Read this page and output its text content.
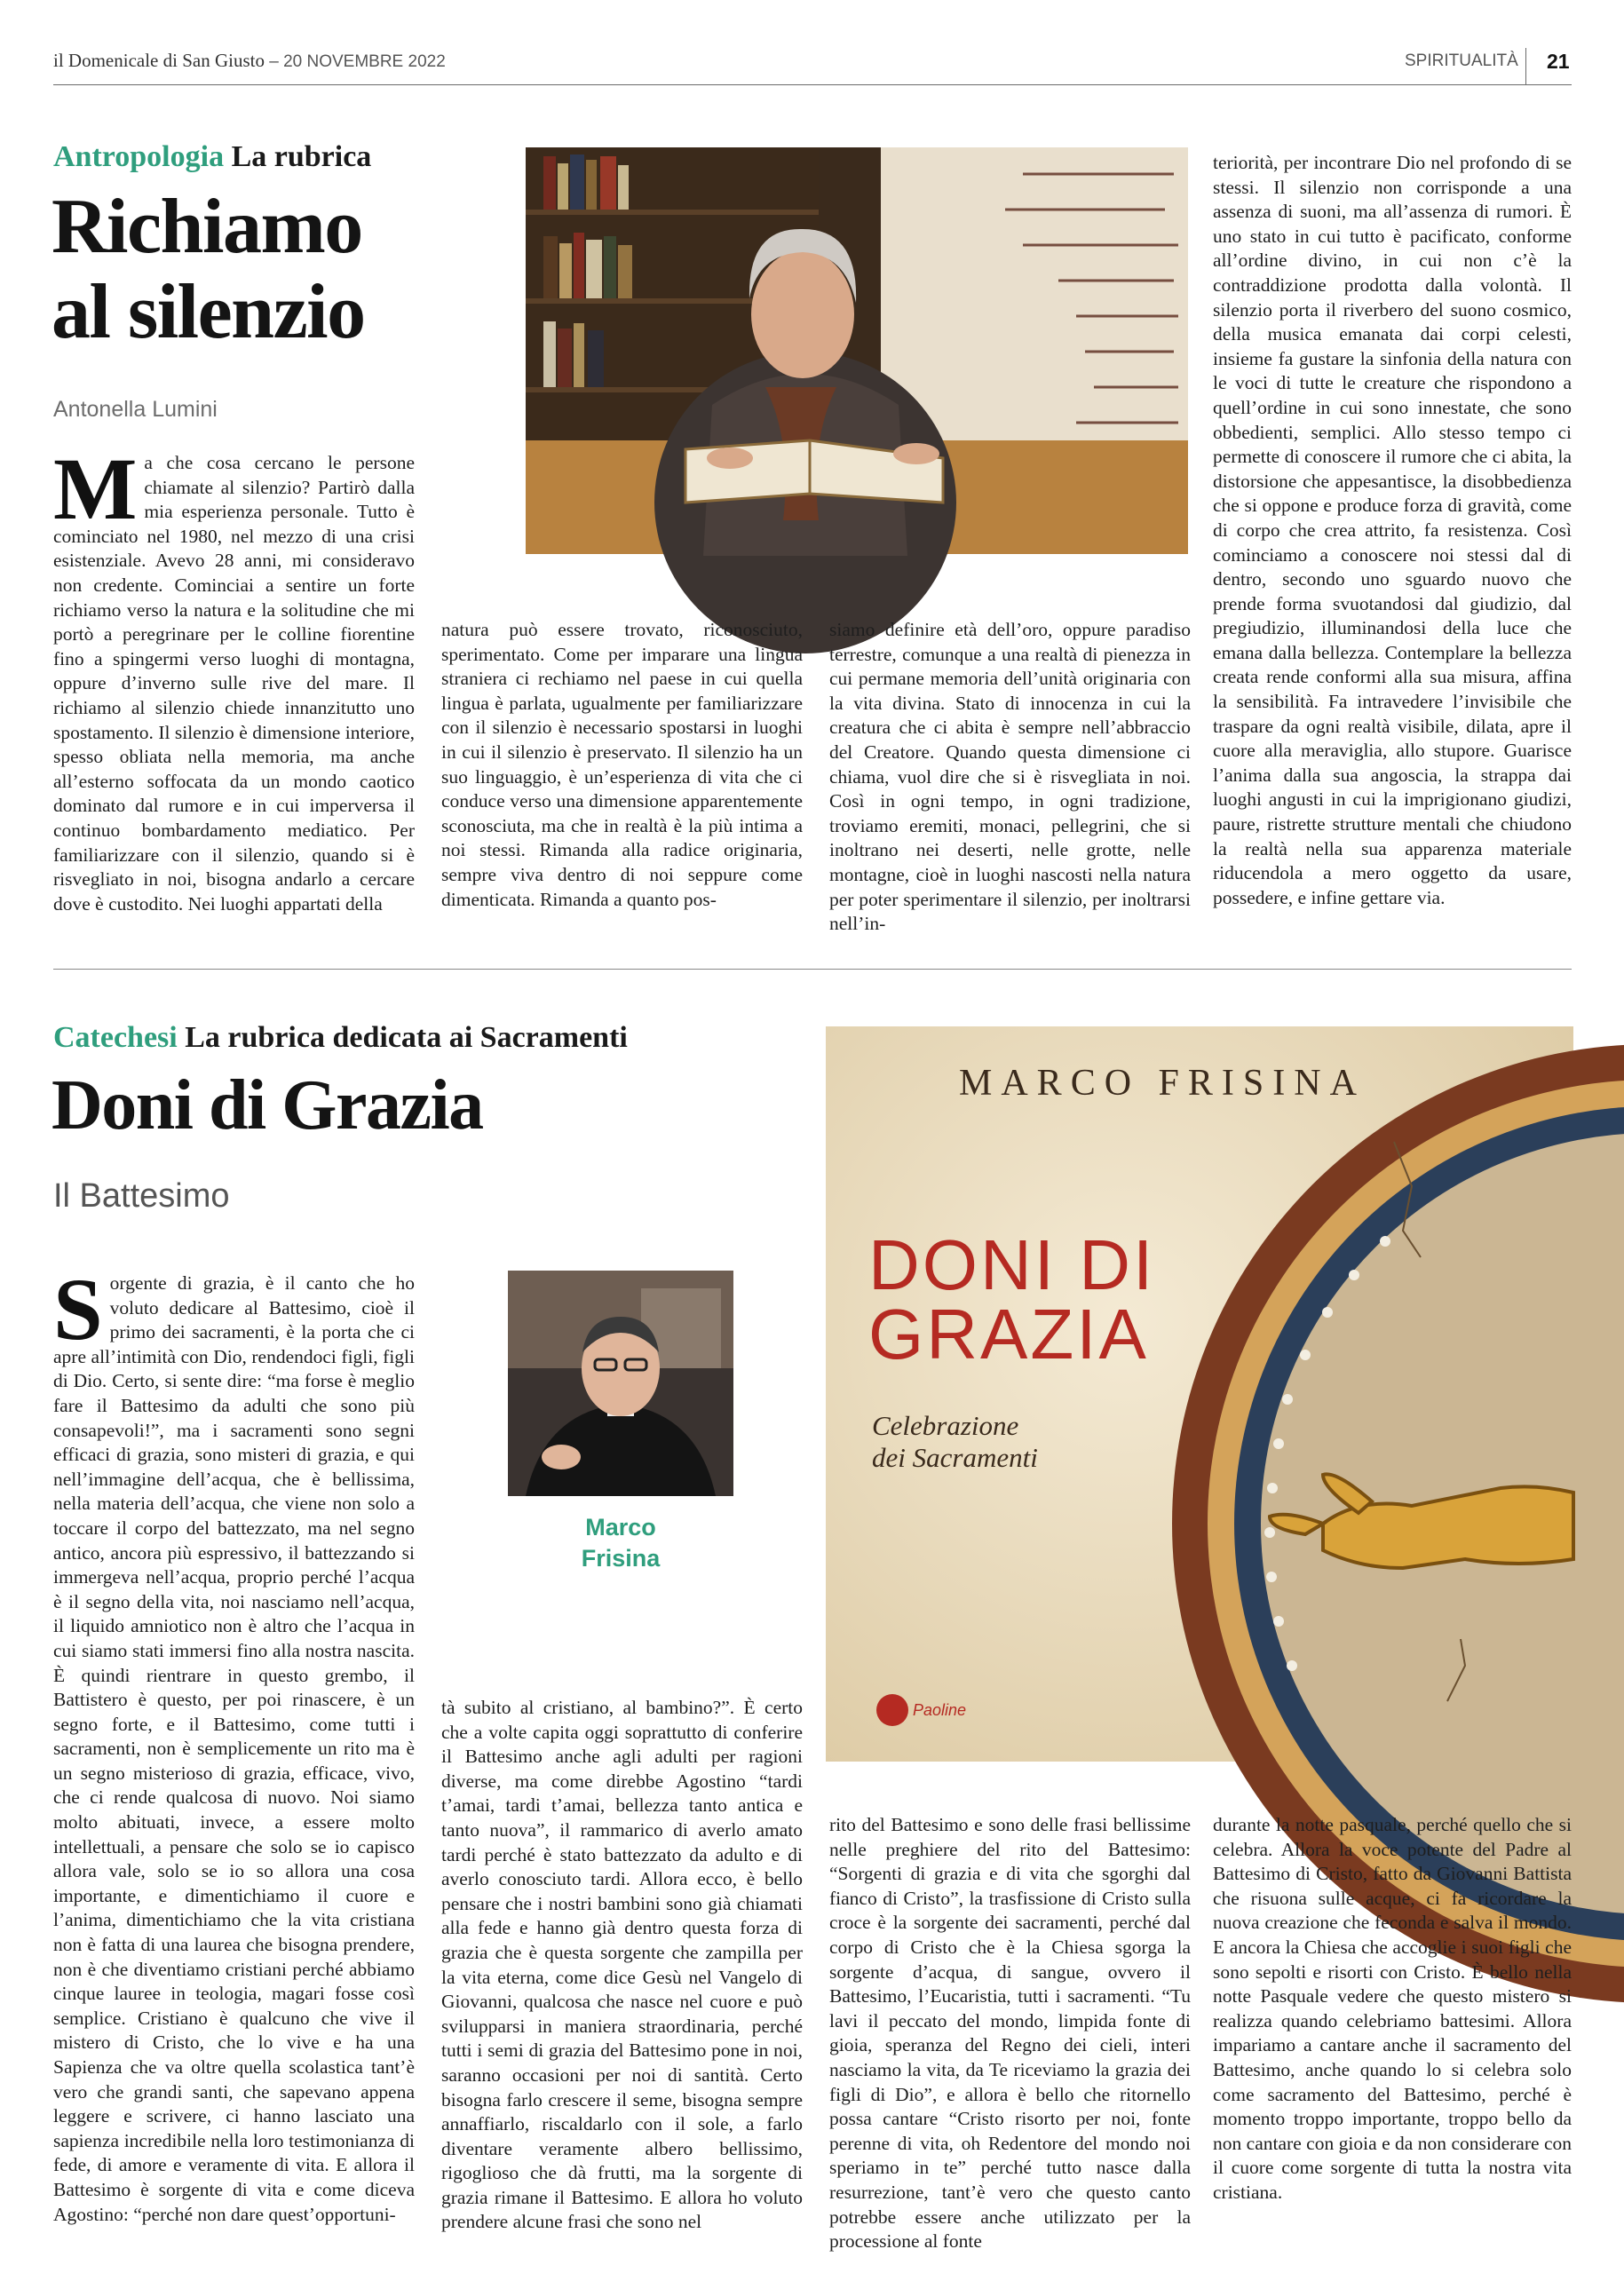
il Domenicale di San Giusto – 20 NOVEMBRE 2022	SPIRITUALITÀ 21
Antropologia La rubrica
Richiamo
al silenzio
Antonella Lumini
Ma che cosa cercano le persone chiamate al silenzio? Partirò dalla mia esperienza personale. Tutto è cominciato nel 1980, nel mezzo di una crisi esistenziale. Avevo 28 anni, mi consideravo non credente. Cominciai a sentire un forte richiamo verso la natura e la solitudine che mi portò a peregrinare per le colline fiorentine fino a spingermi verso luoghi di montagna, oppure d’inverno sulle rive del mare. Il richiamo al silenzio chiede innanzitutto uno spostamento. Il silenzio è dimensione interiore, spesso obliata nella memoria, ma anche all’esterno soffocata da un mondo caotico dominato dal rumore e in cui imperversa il continuo bombardamento mediatico. Per familiarizzare con il silenzio, quando si è risvegliato in noi, bisogna andarlo a cercare dove è custodito. Nei luoghi appartati della
natura può essere trovato, riconosciuto, sperimentato. Come per imparare una lingua straniera ci rechiamo nel paese in cui quella lingua è parlata, ugualmente per familiarizzare con il silenzio è necessario spostarsi in luoghi in cui il silenzio è preservato. Il silenzio ha un suo linguaggio, è un’esperienza di vita che ci conduce verso una dimensione apparentemente sconosciuta, ma che in realtà è la più intima a noi stessi. Rimanda alla radice originaria, sempre viva dentro di noi seppure come dimenticata. Rimanda a quanto pos-
siamo definire età dell’oro, oppure paradiso terrestre, comunque a una realtà di pienezza in cui permane memoria dell’unità originaria con la vita divina. Stato di innocenza in cui la creatura che ci abita è sempre nell’abbraccio del Creatore. Quando questa dimensione ci chiama, vuol dire che si è risvegliata in noi. Così in ogni tempo, in ogni tradizione, troviamo eremiti, monaci, pellegrini, che si inoltrano nei deserti, nelle grotte, nelle montagne, cioè in luoghi nascosti nella natura per poter sperimentare il silenzio, per inoltrarsi nell’in-
teriorità, per incontrare Dio nel profondo di se stessi. Il silenzio non corrisponde a una assenza di suoni, ma all’assenza di rumori. È uno stato in cui tutto è pacificato, conforme all’ordine divino, in cui non c’è la contraddizione prodotta dalla volontà. Il silenzio porta il riverbero del suono cosmico, della musica emanata dai corpi celesti, insieme fa gustare la sinfonia della natura con le voci di tutte le creature che rispondono a quell’ordine in cui sono innestate, che sono obbedienti, semplici. Allo stesso tempo ci permette di conoscere il rumore che ci abita, la distorsione che appesantisce, la disobbedienza che si oppone e produce forza di gravità, come di corpo che crea attrito, fa resistenza. Così cominciamo a conoscere noi stessi dal di dentro, secondo uno sguardo nuovo che prende forma svuotandosi dal giudizio, dal pregiudizio, illuminandosi della luce che emana dalla bellezza. Contemplare la bellezza creata rende conformi alla sua misura, affina la sensibilità. Fa intravedere l’invisibile che traspare da ogni realtà visibile, dilata, apre il cuore alla meraviglia, allo stupore. Guarisce l’anima dalla sua angoscia, la strappa dai luoghi angusti in cui la imprigionano giudizi, paure, ristrette strutture mentali che chiudono la realtà nella sua apparenza materiale riducendola a mero oggetto da usare, possedere, e infine gettare via.
Catechesi La rubrica dedicata ai Sacramenti
Doni di Grazia
Il Battesimo
Sorgente di grazia, è il canto che ho voluto dedicare al Battesimo, cioè il primo dei sacramenti, è la porta che ci apre all’intimità con Dio, rendendoci figli, figli di Dio. Certo, si sente dire: “ma forse è meglio fare il Battesimo da adulti che sono più consapevoli!”, ma i sacramenti sono segni efficaci di grazia, sono misteri di grazia, e qui nell’immagine dell’acqua, che è bellissima, nella materia dell’acqua, che viene non solo a toccare il corpo del battezzato, ma nel segno antico, ancora più espressivo, il battezzando si immergeva nell’acqua, proprio perché l’acqua è il segno della vita, noi nasciamo nell’acqua, il liquido amniotico non è altro che l’acqua in cui siamo stati immersi fino alla nostra nascita. È quindi rientrare in questo grembo, il Battistero è questo, per poi rinascere, è un segno forte, e il Battesimo, come tutti i sacramenti, non è semplicemente un rito ma è un segno misterioso di grazia, efficace, vivo, che ci rende qualcosa di nuovo. Noi siamo molto abituati, invece, a essere molto intellettuali, a pensare che solo se io capisco allora vale, solo se io so allora una cosa importante, e dimentichiamo il cuore e l’anima, dimentichiamo che la vita cristiana non è fatta di una laurea che bisogna prendere, non è che diventiamo cristiani perché abbiamo cinque lauree in teologia, magari fosse così semplice. Cristiano è qualcuno che vive il mistero di Cristo, che lo vive e ha una Sapienza che va oltre quella scolastica tant’è vero che grandi santi, che sapevano appena leggere e scrivere, ci hanno lasciato una sapienza incredibile nella loro testimonianza di fede, di amore e veramente di vita. E allora il Battesimo è sorgente di vita e come diceva Agostino: “perché non dare quest’opportuni-
Marco
Frisina
tà subito al cristiano, al bambino?”. È certo che a volte capita oggi soprattutto di conferire il Battesimo anche agli adulti per ragioni diverse, ma come direbbe Agostino “tardi t’amai, tardi t’amai, bellezza tanto antica e tanto nuova”, il rammarico di averlo amato tardi perché è stato battezzato da adulto e di averlo conosciuto tardi. Allora ecco, è bello pensare che i nostri bambini sono già chiamati alla fede e hanno già dentro questa forza di grazia che è questa sorgente che zampilla per la vita eterna, come dice Gesù nel Vangelo di Giovanni, qualcosa che nasce nel cuore e può svilupparsi in maniera straordinaria, perché tutti i semi di grazia del Battesimo pone in noi, saranno occasioni per noi di santità. Certo bisogna farlo crescere il seme, bisogna sempre annaffiarlo, riscaldarlo con il sole, a farlo diventare veramente albero bellissimo, rigoglioso che dà frutti, ma la sorgente di grazia rimane il Battesimo. E allora ho voluto prendere alcune frasi che sono nel
MARCO FRISINA
DONI DI
GRAZIA
Celebrazione
dei Sacramenti
Paoline
rito del Battesimo e sono delle frasi bellissime nelle preghiere del rito del Battesimo: “Sorgenti di grazia e di vita che sgorghi dal fianco di Cristo”, la trasfissione di Cristo sulla croce è la sorgente dei sacramenti, perché dal corpo di Cristo che è la Chiesa sgorga la sorgente d’acqua, di sangue, ovvero il Battesimo, l’Eucaristia, tutti i sacramenti. “Tu lavi il peccato del mondo, limpida fonte di gioia, speranza del Regno dei cieli, interi nasciamo la vita, da Te riceviamo la grazia dei figli di Dio”, e allora è bello che ritornello possa cantare “Cristo risorto per noi, fonte perenne di vita, oh Redentore del mondo noi speriamo in te” perché tutto nasce dalla resurrezione, tant’è vero che questo canto potrebbe essere anche utilizzato per la processione al fonte
durante la notte pasquale, perché quello che si celebra. Allora la voce potente del Padre al Battesimo di Cristo, fatto da Giovanni Battista che risuona sulle acque, ci fa ricordare la nuova creazione che feconda e salva il mondo. E ancora la Chiesa che accoglie i suoi figli che sono sepolti e risorti con Cristo. È bello nella notte Pasquale vedere che questo mistero si realizza quando celebriamo battesimi. Allora impariamo a cantare anche il sacramento del Battesimo, anche quando lo si celebra solo come sacramento del Battesimo, perché è momento troppo importante, troppo bello da non cantare con gioia e da non considerare con il cuore come sorgente di tutta la nostra vita cristiana.
